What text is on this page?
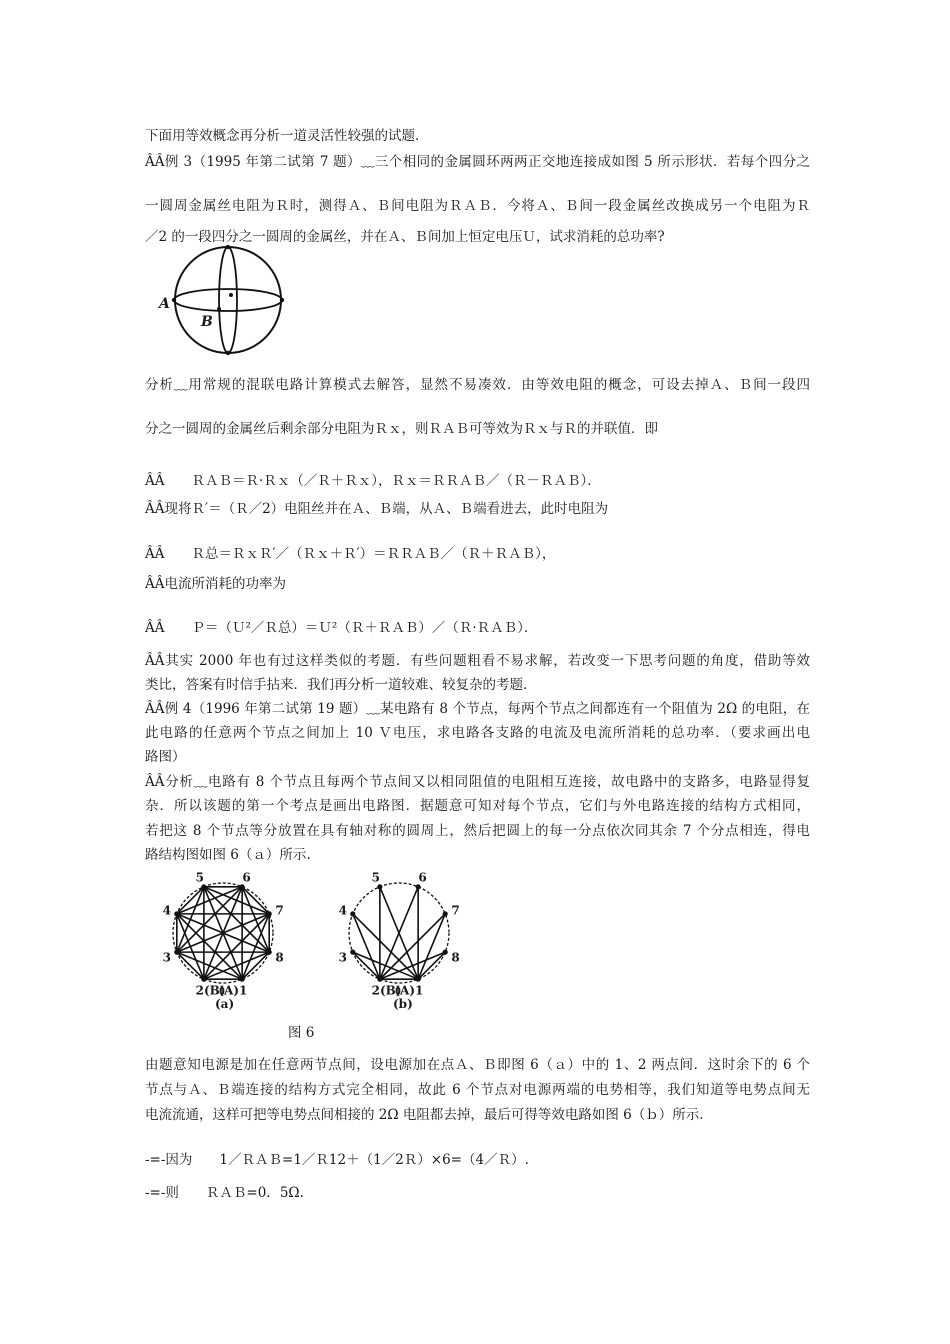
下面用等效概念再分析一道灵活性较强的试题.
ÂÂ例 3（1995 年第二试第 7 题）﹏三个相同的金属圆环两两正交地连接成如图 5 所示形状．若每个四分之
一圆周金属丝电阻为Ｒ时，测得Ａ、Ｂ间电阻为ＲＡＢ．今将Ａ、Ｂ间一段金属丝改换成另一个电阻为Ｒ
／2 的一段四分之一圆周的金属丝，并在Ａ、Ｂ间加上恒定电压Ｕ，试求消耗的总功率?
分析﹏用常规的混联电路计算模式去解答，显然不易凑效．由等效电阻的概念，可设去掉Ａ、Ｂ间一段四
分之一圆周的金属丝后剩余部分电阻为Ｒｘ，则ＲＡＢ可等效为Ｒｘ与Ｒ的并联值．即
ÂÂ　　ＲＡＢ＝Ｒ·Ｒｘ（／Ｒ＋Ｒｘ），Ｒｘ＝ＲＲＡＢ／（Ｒ－ＲＡＢ）．
ÂÂ现将Ｒ′＝（Ｒ／2）电阻丝并在Ａ、Ｂ端，从Ａ、Ｂ端看进去，此时电阻为
ÂÂ　　Ｒ总＝ＲｘＲ′／（Ｒｘ＋Ｒ′）＝ＲＲＡＢ／（Ｒ＋ＲＡＢ），
ÂÂ电流所消耗的功率为
ÂÂ　　Ｐ＝（Ｕ²／Ｒ总）＝Ｕ²（Ｒ＋ＲＡＢ）／（Ｒ·ＲＡＢ）．
ÂÂ其实 2000 年也有过这样类似的考题．有些问题粗看不易求解，若改变一下思考问题的角度，借助等效
类比，答案有时信手拈来．我们再分析一道较难、较复杂的考题．
ÂÂ例 4（1996 年第二试第 19 题）﹏某电路有 8 个节点，每两个节点之间都连有一个阻值为 2Ω 的电阻，在
此电路的任意两个节点之间加上 10 Ｖ电压，求电路各支路的电流及电流所消耗的总功率．（要求画出电
路图）
ÂÂ分析﹏电路有 8 个节点且每两个节点间又以相同阻值的电阻相互连接，故电路中的支路多，电路显得复
杂．所以该题的第一个考点是画出电路图．据题意可知对每个节点，它们与外电路连接的结构方式相同，
若把这 8 个节点等分放置在具有轴对称的圆周上，然后把圆上的每一分点依次同其余 7 个分点相连，得电
路结构图如图 6（ａ）所示.
由题意知电源是加在任意两节点间，设电源加在点Ａ、Ｂ即图 6（ａ）中的 1、2 两点间．这时余下的 6 个
节点与Ａ、Ｂ端连接的结构方式完全相同，故此 6 个节点对电源两端的电势相等，我们知道等电势点间无
电流流通，这样可把等电势点间相接的 2Ω 电阻都去掉，最后可得等效电路如图 6（ｂ）所示.
-=-因为　　1／ＲＡＢ=1／Ｒ12＋（1／2Ｒ）×6=（4／Ｒ）.
-=-则　　ＲＡＢ=0．5Ω.
A
B
(A)1
2(B)
3
4
5	6
7
8
(A)1
2(B)
3
4
5	6
7
8
(a)	(b)
图 6
